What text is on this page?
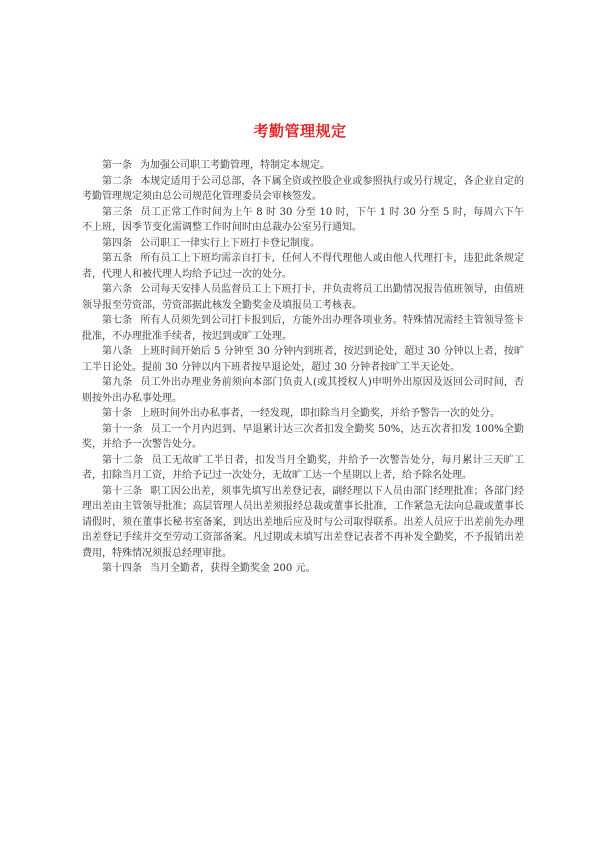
考勤管理规定

第一条 为加强公司职工考勤管理，特制定本规定。

第二条 本规定适用于公司总部，各下属全资或控股企业或参照执行或另行规定，各企业自定的考勤管理规定须由总公司规范化管理委员会审核签发。

第三条 员工正常工作时间为上午 8 时 30 分至 10 时，下午 1 时 30 分至 5 时，每周六下午不上班，因季节变化需调整工作时间时由总裁办公室另行通知。

第四条 公司职工一律实行上下班打卡登记制度。

第五条 所有员工上下班均需亲自打卡，任何人不得代理他人或由他人代理打卡，违犯此条规定者，代理人和被代理人均给予记过一次的处分。

第六条 公司每天安排人员监督员工上下班打卡，并负责将员工出勤情况报告值班领导，由值班领导报至劳资部，劳资部据此核发全勤奖金及填报员工考核表。

第七条 所有人员须先到公司打卡报到后，方能外出办理各项业务。特殊情况需经主管领导签卡批准，不办理批准手续者，按迟到或旷工处理。

第八条 上班时间开始后 5 分钟至 30 分钟内到班者，按迟到论处，超过 30 分钟以上者，按旷工半日论处。提前 30 分钟以内下班者按早退论处，超过 30 分钟者按旷工半天论处。

第九条 员工外出办理业务前须向本部门负责人(或其授权人)申明外出原因及返回公司时间，否则按外出办私事处理。

第十条 上班时间外出办私事者，一经发现，即扣除当月全勤奖，并给予警告一次的处分。

第十一条 员工一个月内迟到、早退累计达三次者扣发全勤奖 50%，达五次者扣发 100%全勤奖，并给予一次警告处分。

第十二条 员工无故旷工半日者，扣发当月全勤奖，并给予一次警告处分，每月累计三天旷工者，扣除当月工资，并给予记过一次处分，无故旷工达一个星期以上者，给予除名处理。

第十三条 职工因公出差，须事先填写出差登记表，副经理以下人员由部门经理批准；各部门经理出差由主管领导批准；高层管理人员出差须报经总裁或董事长批准，工作紧急无法向总裁或董事长请假时，须在董事长秘书室备案，到达出差地后应及时与公司取得联系。出差人员应于出差前先办理出差登记手续并交至劳动工资部备案。凡过期或未填写出差登记表者不再补发全勤奖，不予报销出差费用，特殊情况须报总经理审批。

第十四条 当月全勤者，获得全勤奖金 200 元。
